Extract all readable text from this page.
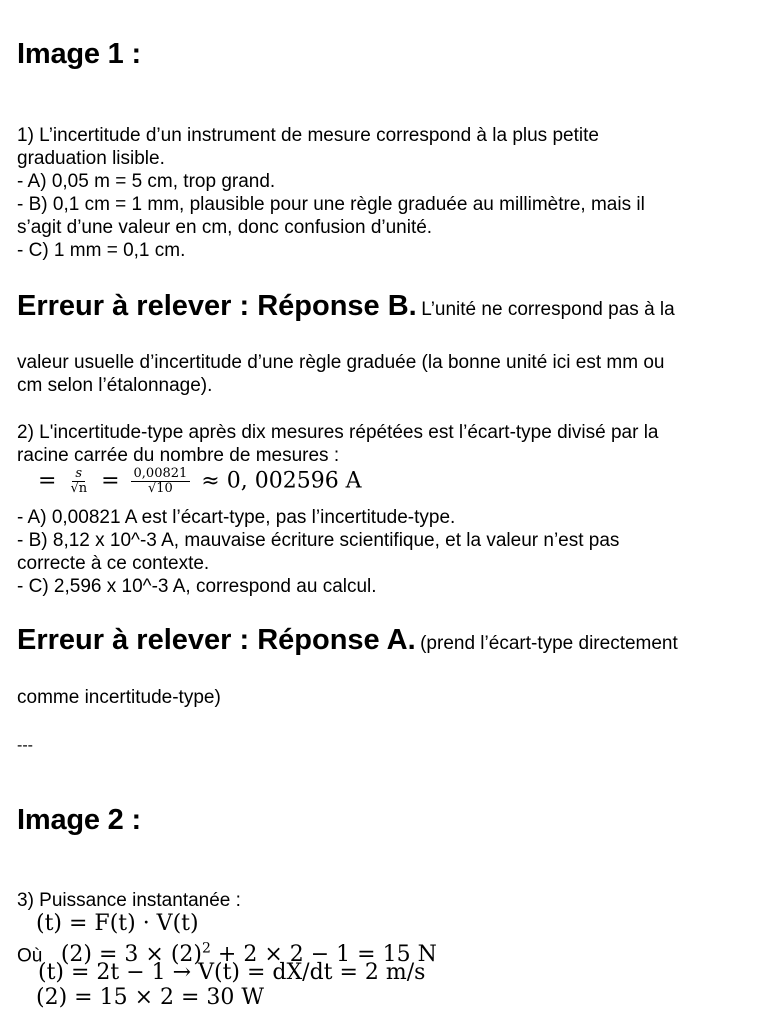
Image 1 :
1) L’incertitude d’un instrument de mesure correspond à la plus petite
graduation lisible.
- A) 0,05 m = 5 cm, trop grand.
- B) 0,1 cm = 1 mm, plausible pour une règle graduée au millimètre, mais il
s’agit d’une valeur en cm, donc confusion d’unité.
- C) 1 mm = 0,1 cm.
Erreur à relever : Réponse B. L’unité ne correspond pas à la
valeur usuelle d’incertitude d’une règle graduée (la bonne unité ici est mm ou
cm selon l’étalonnage).
2) L'incertitude-type après dix mesures répétées est l’écart-type divisé par la
racine carrée du nombre de mesures :
= $\frac{s}{√n} = \frac{0,00821}{√10} \approx 0$, 002596 A
- A) 0,00821 A est l’écart-type, pas l’incertitude-type.
- B) 8,12 x 10^-3 A, mauvaise écriture scientifique, et la valeur n’est pas
correcte à ce contexte.
- C) 2,596 x 10^-3 A, correspond au calcul.
Erreur à relever : Réponse A. (prend l’écart-type directement
comme incertitude-type)
---
Image 2 :
3) Puissance instantanée :
(t) = F(t) · V(t)
Où $(2) = 3 \times (2)^2 + 2 \times 2 - 1 = 15$ N
(t) = 2t − 1 → V(t) = dX/dt = 2 m/s
(2) = 15 × 2 = 30 W
